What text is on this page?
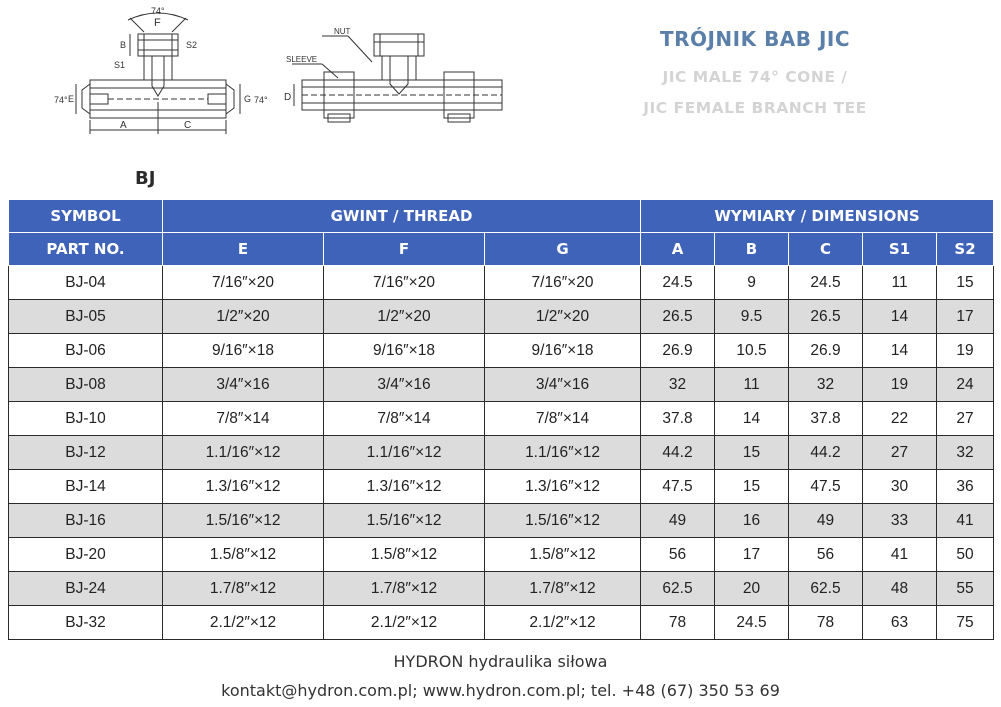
74°
F
B	S2
S1
74° E	G 74°
A	C
NUT
SLEEVE
D
TRÓJNIK BAB JIC
JIC MALE 74° CONE /
JIC FEMALE BRANCH TEE
BJ
SYMBOL	GWINT / THREAD			WYMIARY / DIMENSIONS				
PART NO.	E	F	G	A	B	C	S1	S2
BJ-04	7/16″×20	7/16″×20	7/16″×20	24.5	9	24.5	11	15
BJ-05	1/2″×20	1/2″×20	1/2″×20	26.5	9.5	26.5	14	17
BJ-06	9/16″×18	9/16″×18	9/16″×18	26.9	10.5	26.9	14	19
BJ-08	3/4″×16	3/4″×16	3/4″×16	32	11	32	19	24
BJ-10	7/8″×14	7/8″×14	7/8″×14	37.8	14	37.8	22	27
BJ-12	1.1/16″×12	1.1/16″×12	1.1/16″×12	44.2	15	44.2	27	32
BJ-14	1.3/16″×12	1.3/16″×12	1.3/16″×12	47.5	15	47.5	30	36
BJ-16	1.5/16″×12	1.5/16″×12	1.5/16″×12	49	16	49	33	41
BJ-20	1.5/8″×12	1.5/8″×12	1.5/8″×12	56	17	56	41	50
BJ-24	1.7/8″×12	1.7/8″×12	1.7/8″×12	62.5	20	62.5	48	55
BJ-32	2.1/2″×12	2.1/2″×12	2.1/2″×12	78	24.5	78	63	75
HYDRON hydraulika siłowa
kontakt@hydron.com.pl; www.hydron.com.pl; tel. +48 (67) 350 53 69
